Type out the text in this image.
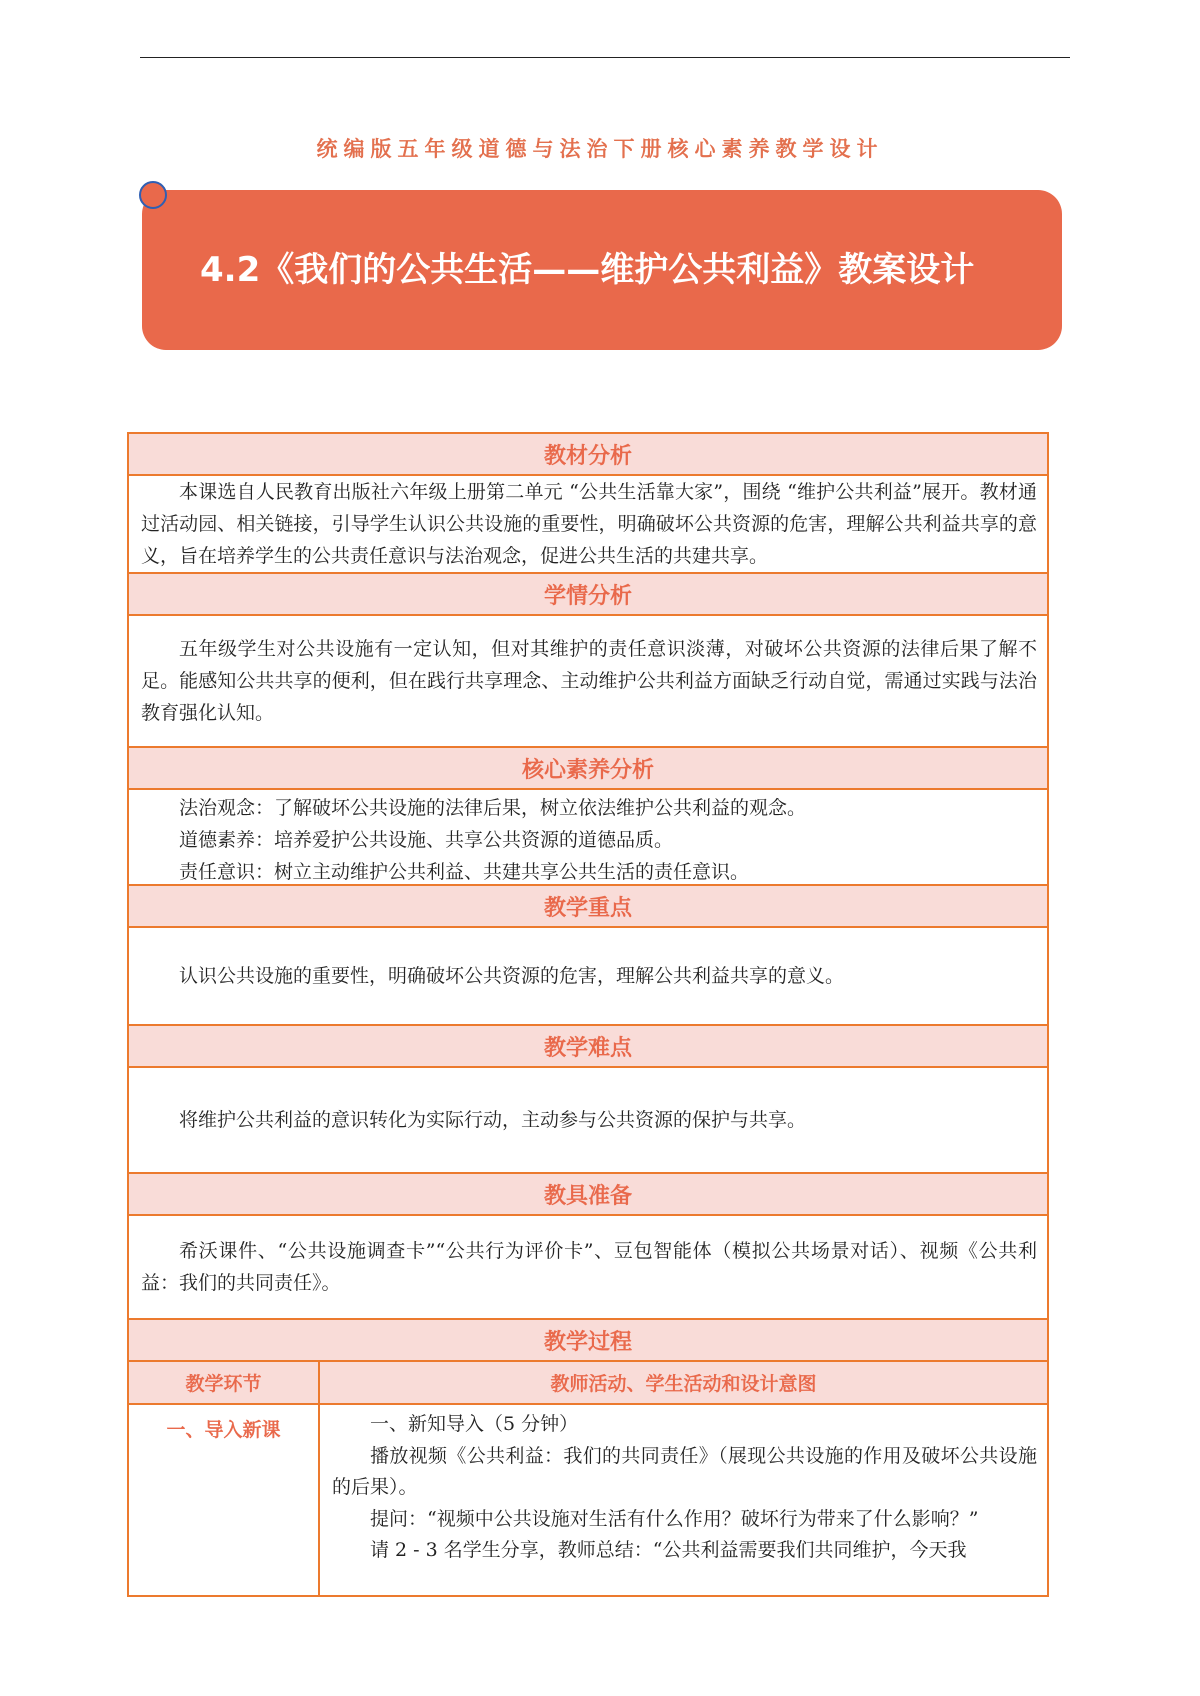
统编版五年级道德与法治下册核心素养教学设计
4.2《我们的公共生活——维护公共利益》教案设计
教材分析

本课选自人民教育出版社六年级上册第二单元 “公共生活靠大家”，围绕 “维护公共利益”展开。教材通过活动园、相关链接，引导学生认识公共设施的重要性，明确破坏公共资源的危害，理解公共利益共享的意义，旨在培养学生的公共责任意识与法治观念，促进公共生活的共建共享。

学情分析

五年级学生对公共设施有一定认知，但对其维护的责任意识淡薄，对破坏公共资源的法律后果了解不足。能感知公共共享的便利，但在践行共享理念、主动维护公共利益方面缺乏行动自觉，需通过实践与法治教育强化认知。

核心素养分析

法治观念：了解破坏公共设施的法律后果，树立依法维护公共利益的观念。

道德素养：培养爱护公共设施、共享公共资源的道德品质。

责任意识：树立主动维护公共利益、共建共享公共生活的责任意识。

教学重点

认识公共设施的重要性，明确破坏公共资源的危害，理解公共利益共享的意义。

教学难点

将维护公共利益的意识转化为实际行动，主动参与公共资源的保护与共享。

教具准备

希沃课件、“公共设施调查卡”“公共行为评价卡”、豆包智能体（模拟公共场景对话）、视频《公共利益：我们的共同责任》。

教学过程
教学环节	教师活动、学生活动和设计意图
一、导入新课	一、新知导入（5 分钟）

播放视频《公共利益：我们的共同责任》（展现公共设施的作用及破坏公共设施的后果）。

提问：“视频中公共设施对生活有什么作用？破坏行为带来了什么影响？”

请 2 - 3 名学生分享，教师总结：“公共利益需要我们共同维护，今天我
